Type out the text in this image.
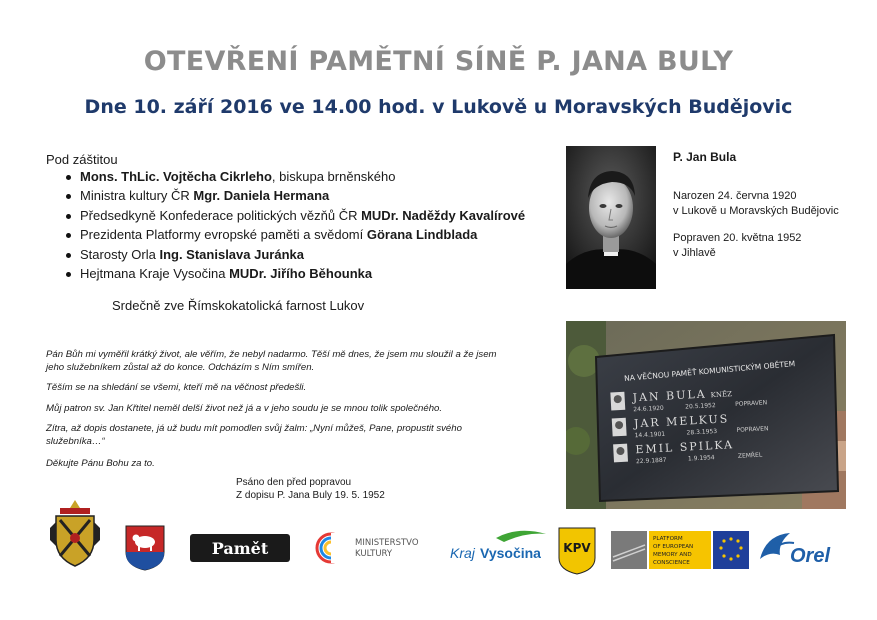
OTEVŘENÍ PAMĚTNÍ SÍNĚ P. JANA BULY
Dne 10. září 2016 ve 14.00 hod. v Lukově u Moravských Budějovic
Pod záštitou
Mons. ThLic. Vojtěcha Cikrleho, biskupa brněnského
Ministra kultury ČR Mgr. Daniela Hermana
Předsedkyně Konfederace politických vězňů ČR MUDr. Naděždy Kavalírové
Prezidenta Platformy evropské paměti a svědomí Görana Lindblada
Starosty Orla Ing. Stanislava Juránka
Hejtmana Kraje Vysočina MUDr. Jiřího Běhounka
Srdečně zve Římskokatolická farnost Lukov
Pán Bůh mi vyměřil krátký život, ale věřím, že nebyl nadarmo. Těší mě dnes, že jsem mu sloužil a že jsem
jeho služebníkem zůstal až do konce. Odcházím s Ním smířen.
Těším se na shledání se všemi, kteří mě na věčnost předešli.
Můj patron sv. Jan Křtitel neměl delší život než já a v jeho soudu je se mnou tolik společného.
Zítra, až dopis dostanete, já už budu mít pomodlen svůj žalm: „Nyní můžeš, Pane, propustit svého
služebníka…“
Děkujte Pánu Bohu za to.
Psáno den před popravou
Z dopisu P. Jana Buly 19. 5. 1952
P. Jan Bula
Narozen 24. června 1920
v Lukově u Moravských Budějovic
Popraven 20. května 1952
v Jihlavě
NA VĚČNOU PAMĚŤ KOMUNISTICKÝM OBĚTEM
JAN BULA KNĚZ
24.6.1920	20.5.1952	POPRAVEN
JAR MELKUS
14.4.1901	28.3.1953	POPRAVEN
EMIL SPILKA
22.9.1887	1.9.1954	ZEMŘEL
Pamět	MINISTERSTVO
KULTURY	Kraj Vysočina KPV
PLATFORM
OF EUROPEAN
MEMORY AND
CONSCIENCE	Orel
